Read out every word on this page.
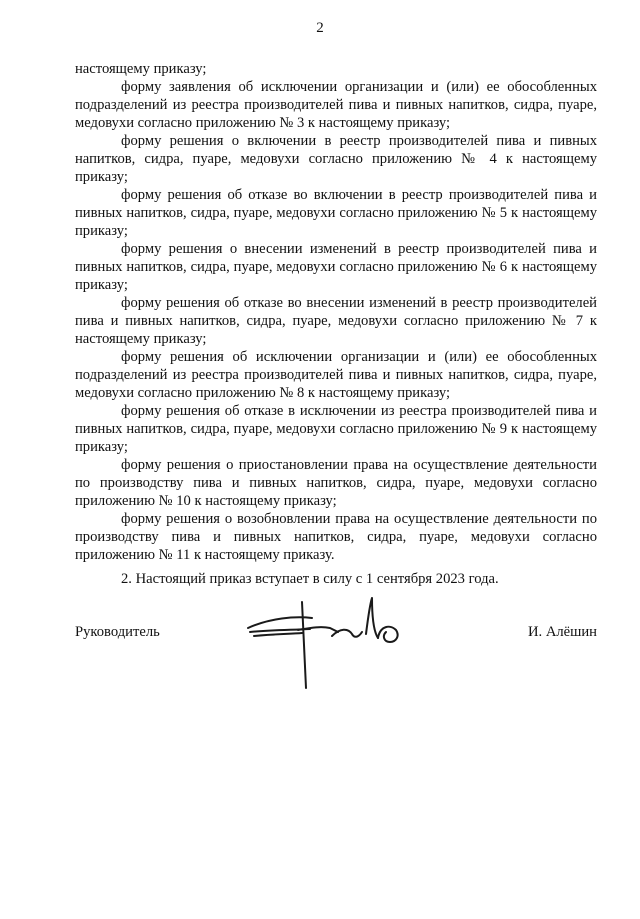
2

настоящему приказу;

форму заявления об исключении организации и (или) ее обособленных подразделений из реестра производителей пива и пивных напитков, сидра, пуаре, медовухи согласно приложению № 3 к настоящему приказу;

форму решения о включении в реестр производителей пива и пивных напитков, сидра, пуаре, медовухи согласно приложению № 4 к настоящему приказу;

форму решения об отказе во включении в реестр производителей пива и пивных напитков, сидра, пуаре, медовухи согласно приложению № 5 к настоящему приказу;

форму решения о внесении изменений в реестр производителей пива и пивных напитков, сидра, пуаре, медовухи согласно приложению № 6 к настоящему приказу;

форму решения об отказе во внесении изменений в реестр производителей пива и пивных напитков, сидра, пуаре, медовухи согласно приложению № 7 к настоящему приказу;

форму решения об исключении организации и (или) ее обособленных подразделений из реестра производителей пива и пивных напитков, сидра, пуаре, медовухи согласно приложению № 8 к настоящему приказу;

форму решения об отказе в исключении из реестра производителей пива и пивных напитков, сидра, пуаре, медовухи согласно приложению № 9 к настоящему приказу;

форму решения о приостановлении права на осуществление деятельности по производству пива и пивных напитков, сидра, пуаре, медовухи согласно приложению № 10 к настоящему приказу;

форму решения о возобновлении права на осуществление деятельности по производству пива и пивных напитков, сидра, пуаре, медовухи согласно приложению № 11 к настоящему приказу.

2. Настоящий приказ вступает в силу с 1 сентября 2023 года.

Руководитель	И. Алёшин
